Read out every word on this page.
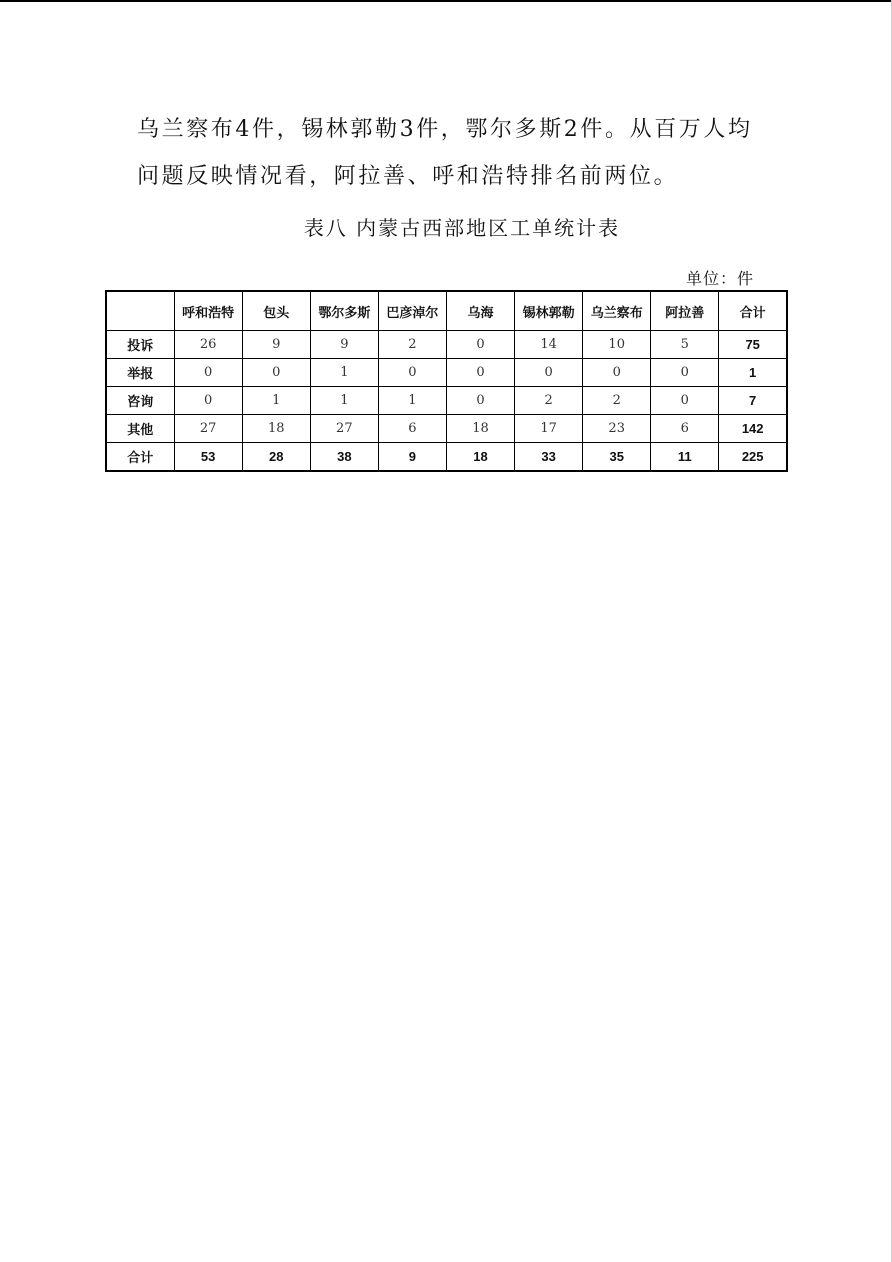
乌兰察布4件，锡林郭勒3件，鄂尔多斯2件。从百万人均
问题反映情况看，阿拉善、呼和浩特排名前两位。
表八 内蒙古西部地区工单统计表
单位：件
	呼和浩特	包头	鄂尔多斯	巴彦淖尔	乌海	锡林郭勒	乌兰察布	阿拉善	合计
投诉	26	9	9	2	0	14	10	5	75
举报	0	0	1	0	0	0	0	0	1
咨询	0	1	1	1	0	2	2	0	7
其他	27	18	27	6	18	17	23	6	142
合计	53	28	38	9	18	33	35	11	225
